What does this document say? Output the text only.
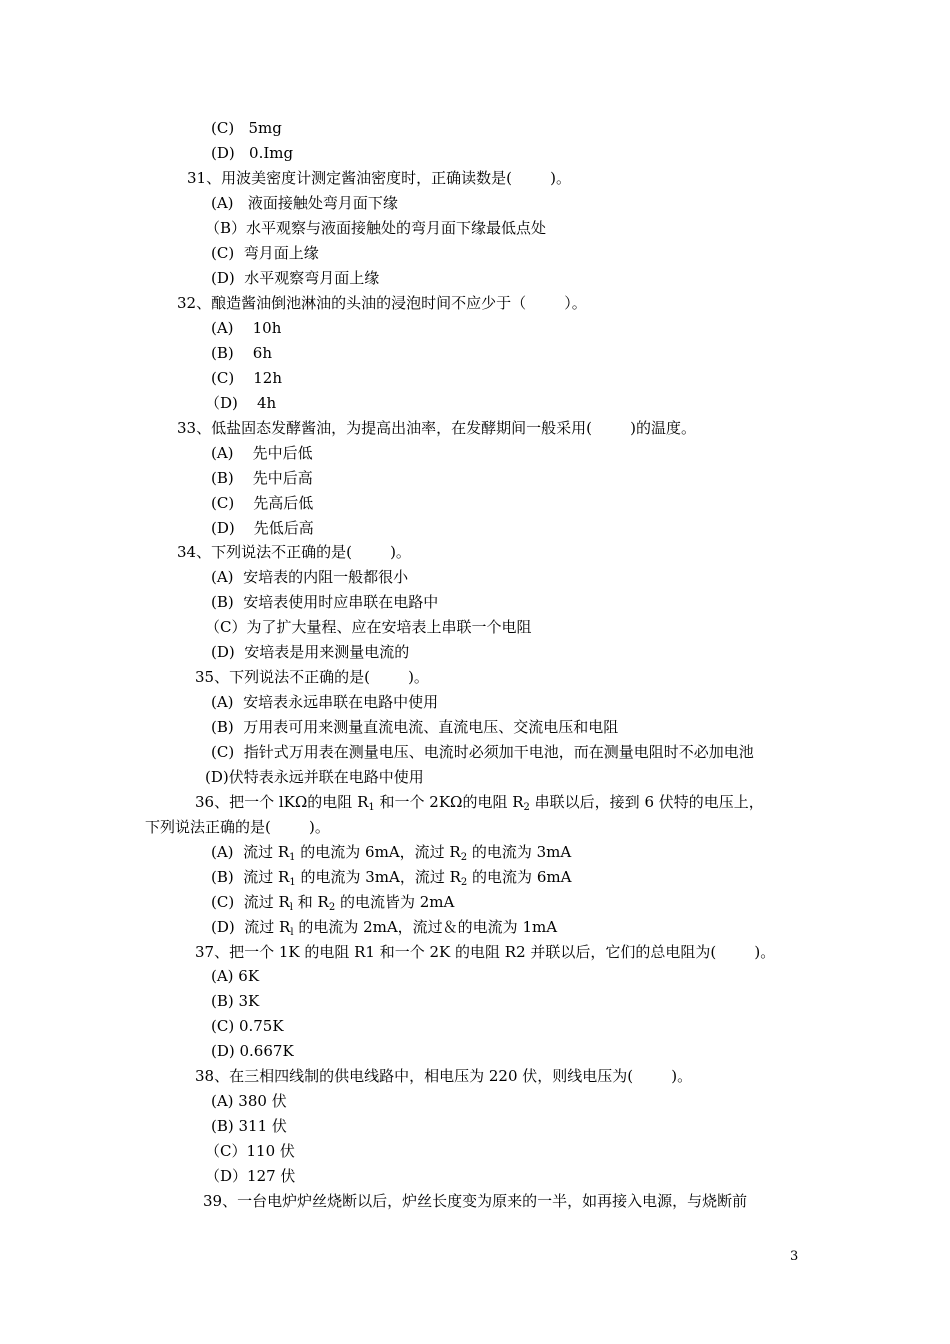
(C)   5mg
(D)   0.Img
31、用波美密度计测定酱油密度时，正确读数是(        )。
(A)   液面接触处弯月面下缘
（B）水平观察与液面接触处的弯月面下缘最低点处
(C)  弯月面上缘
(D)  水平观察弯月面上缘
32、酿造酱油倒池淋油的头油的浸泡时间不应少于（        ）。
(A)    10h
(B)    6h
(C)    12h
（D)    4h
33、低盐固态发酵酱油，为提高出油率，在发酵期间一般采用(        )的温度。
(A)    先中后低
(B)    先中后高
(C)    先高后低
(D)    先低后高
34、下列说法不正确的是(        )。
(A)  安培表的内阻一般都很小
(B)  安培表使用时应串联在电路中
（C）为了扩大量程、应在安培表上串联一个电阻
(D)  安培表是用来测量电流的
35、下列说法不正确的是(        )。
(A)  安培表永远串联在电路中使用
(B)  万用表可用来测量直流电流、直流电压、交流电压和电阻
(C)  指针式万用表在测量电压、电流时必须加干电池，而在测量电阻时不必加电池
(D)伏特表永远并联在电路中使用
36、把一个 lKΩ的电阻 $R_1$ 和一个 2KΩ的电阻 $R_2$ 串联以后，接到 6 伏特的电压上，
下列说法正确的是(        )。
(A)  流过 $R_1$ 的电流为 6mA，流过 $R_2$ 的电流为 3mA
(B)  流过 $R_1$ 的电流为 3mA，流过 $R_2$ 的电流为 6mA
(C)  流过 $R_l$ 和 $R_2$ 的电流皆为 2mA
(D)  流过 $R_l$ 的电流为 2mA，流过＆的电流为 1mA
37、把一个 1K 的电阻 R1 和一个 2K 的电阻 R2 并联以后，它们的总电阻为(        )。
(A) 6K
(B) 3K
(C) 0.75K
(D) 0.667K
38、在三相四线制的供电线路中，相电压为 220 伏，则线电压为(        )。
(A) 380 伏
(B) 311 伏
（C）110 伏
（D）127 伏
39、一台电炉炉丝烧断以后，炉丝长度变为原来的一半，如再接入电源，与烧断前
3
